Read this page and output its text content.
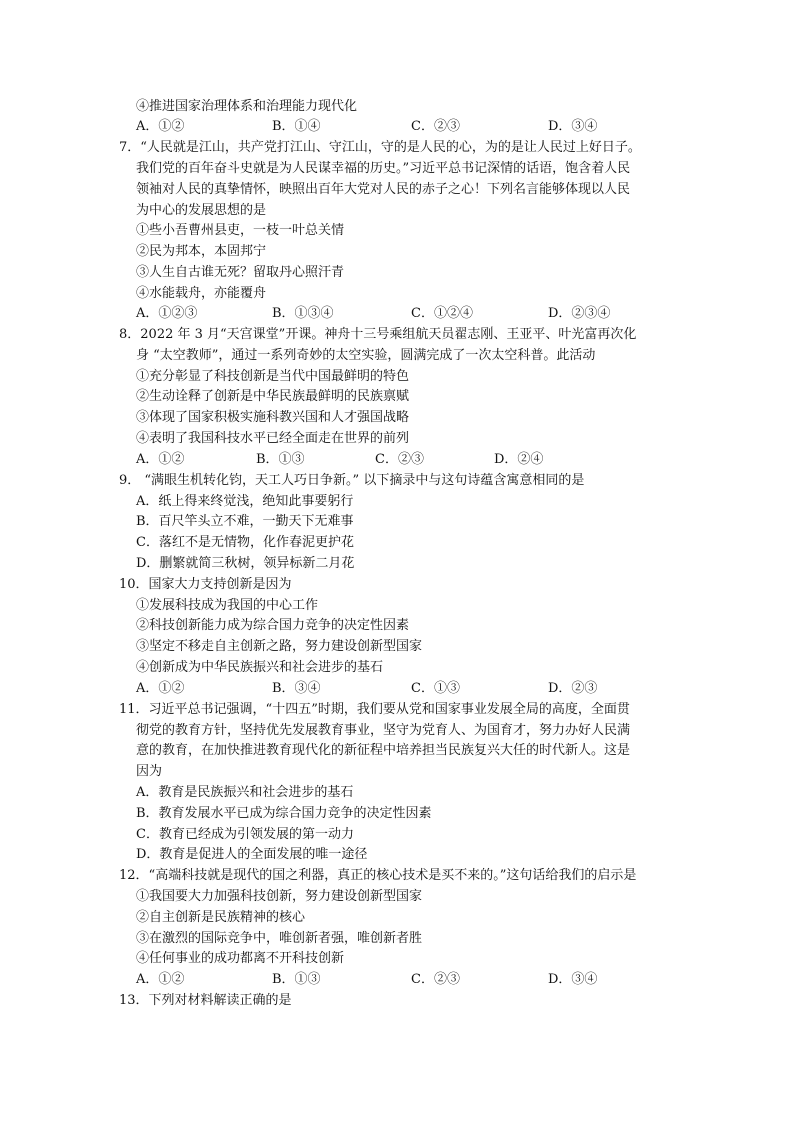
④推进国家治理体系和治理能力现代化
A．①②	B．①④	C．②③	D．③④
7．“人民就是江山，共产党打江山、守江山，守的是人民的心，为的是让人民过上好日子。
我们党的百年奋斗史就是为人民谋幸福的历史。”习近平总书记深情的话语，饱含着人民
领袖对人民的真挚情怀，映照出百年大党对人民的赤子之心！下列名言能够体现以人民
为中心的发展思想的是
①些小吾曹州县吏，一枝一叶总关情
②民为邦本，本固邦宁
③人生自古谁无死？留取丹心照汗青
④水能载舟，亦能覆舟
A．①②③	B．①③④	C．①②④	D．②③④
8．2022 年 3 月“天宫课堂”开课。神舟十三号乘组航天员翟志刚、王亚平、叶光富再次化
身 “太空教师”，通过一系列奇妙的太空实验，圆满完成了一次太空科普。此活动
①充分彰显了科技创新是当代中国最鲜明的特色
②生动诠释了创新是中华民族最鲜明的民族禀赋
③体现了国家积极实施科教兴国和人才强国战略
④表明了我国科技水平已经全面走在世界的前列
A．①②	B．①③	C．②③	D．②④
9． “满眼生机转化钧，天工人巧日争新。” 以下摘录中与这句诗蕴含寓意相同的是
A．纸上得来终觉浅，绝知此事要躬行
B．百尺竿头立不难，一勤天下无难事
C．落红不是无情物，化作春泥更护花
D．删繁就简三秋树，领异标新二月花
10．国家大力支持创新是因为
①发展科技成为我国的中心工作
②科技创新能力成为综合国力竞争的决定性因素
③坚定不移走自主创新之路，努力建设创新型国家
④创新成为中华民族振兴和社会进步的基石
A．①②	B．③④	C．①③	D．②③
11．习近平总书记强调，“十四五”时期，我们要从党和国家事业发展全局的高度，全面贯
彻党的教育方针，坚持优先发展教育事业，坚守为党育人、为国育才，努力办好人民满
意的教育，在加快推进教育现代化的新征程中培养担当民族复兴大任的时代新人。这是
因为
A．教育是民族振兴和社会进步的基石
B．教育发展水平已成为综合国力竞争的决定性因素
C．教育已经成为引领发展的第一动力
D．教育是促进人的全面发展的唯一途径
12．“高端科技就是现代的国之利器，真正的核心技术是买不来的。”这句话给我们的启示是
①我国要大力加强科技创新，努力建设创新型国家
②自主创新是民族精神的核心
③在激烈的国际竞争中，唯创新者强，唯创新者胜
④任何事业的成功都离不开科技创新
A．①②	B．①③	C．②③	D．③④
13．下列对材料解读正确的是
